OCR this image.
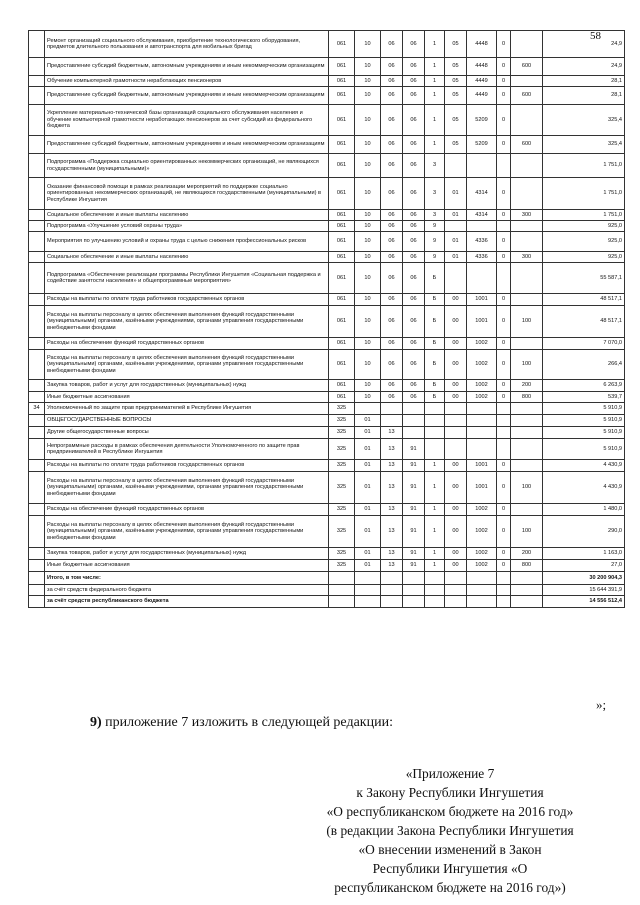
58
	Ремонт организаций социального обслуживания, приобретение технологического оборудования, предметов длительного пользования и автотранспорта для мобильных бригад	061	10	06	06	1	05	4448	0		24,9
	Предоставление субсидий бюджетным, автономным учреждениям и иным некоммерческим организациям	061	10	06	06	1	05	4448	0	600	24,9
	Обучение компьютерной грамотности неработающих пенсионеров	061	10	06	06	1	05	4449	0		28,1
	Предоставление субсидий бюджетным, автономным учреждениям и иным некоммерческим организациям	061	10	06	06	1	05	4449	0	600	28,1
	Укрепление материально-технической базы организаций социального обслуживания населения и обучение компьютерной грамотности неработающих пенсионеров за счет субсидий из федерального бюджета	061	10	06	06	1	05	5209	0		325,4
	Предоставление субсидий бюджетным, автономным учреждениям и иным некоммерческим организациям	061	10	06	06	1	05	5209	0	600	325,4
	Подпрограмма «Поддержка социально ориентированных некоммерческих организаций, не являющихся государственными (муниципальными)»	061	10	06	06	3					1 751,0
	Оказание финансовой помощи в рамках реализации мероприятий по поддержке социально ориентированных некоммерческих организаций, не являющихся государственными (муниципальными) в Республике Ингушетия	061	10	06	06	3	01	4314	0		1 751,0
	Социальное обеспечение и иные выплаты населению	061	10	06	06	3	01	4314	0	300	1 751,0
	Подпрограмма «Улучшение условий охраны труда»	061	10	06	06	9					925,0
	Мероприятия по улучшению условий и охраны труда с целью снижения профессиональных рисков	061	10	06	06	9	01	4336	0		925,0
	Социальное обеспечение и иные выплаты населению	061	10	06	06	9	01	4336	0	300	925,0
	Подпрограмма «Обеспечение реализации программы Республики Ингушетия «Социальная поддержка и содействие занятости населения» и общепрограммные мероприятия»	061	10	06	06	Б					55 587,1
	Расходы на выплаты по оплате труда работников государственных органов	061	10	06	06	Б	00	1001	0		48 517,1
	Расходы на выплаты персоналу в целях обеспечения выполнения функций государственными (муниципальными) органами, казёнными учреждениями, органами управления государственными внебюджетными фондами	061	10	06	06	Б	00	1001	0	100	48 517,1
	Расходы на обеспечение функций государственных органов	061	10	06	06	Б	00	1002	0		7 070,0
	Расходы на выплаты персоналу в целях обеспечения выполнения функций государственными (муниципальными) органами, казёнными учреждениями, органами управления государственными внебюджетными фондами	061	10	06	06	Б	00	1002	0	100	266,4
	Закупка товаров, работ и услуг для государственных (муниципальных) нужд	061	10	06	06	Б	00	1002	0	200	6 263,9
	Иные бюджетные ассигнования	061	10	06	06	Б	00	1002	0	800	539,7
34	Уполномоченный по защите прав предпринимателей в Республике Ингушетия	325									5 910,9
	ОБЩЕГОСУДАРСТВЕННЫЕ ВОПРОСЫ	325	01								5 910,9
	Другие общегосударственные вопросы	325	01	13							5 910,9
	Непрограммные расходы в рамках обеспечения деятельности Уполномоченного по защите прав предпринимателей в Республике Ингушетия	325	01	13	91						5 910,9
	Расходы на выплаты по оплате труда работников государственных органов	325	01	13	91	1	00	1001	0		4 430,9
	Расходы на выплаты персоналу в целях обеспечения выполнения функций государственными (муниципальными) органами, казёнными учреждениями, органами управления государственными внебюджетными фондами	325	01	13	91	1	00	1001	0	100	4 430,9
	Расходы на обеспечение функций государственных органов	325	01	13	91	1	00	1002	0		1 480,0
	Расходы на выплаты персоналу в целях обеспечения выполнения функций государственными (муниципальными) органами, казёнными учреждениями, органами управления государственными внебюджетными фондами	325	01	13	91	1	00	1002	0	100	290,0
	Закупка товаров, работ и услуг для государственных (муниципальных) нужд	325	01	13	91	1	00	1002	0	200	1 163,0
	Иные бюджетные ассигнования	325	01	13	91	1	00	1002	0	800	27,0
	Итого, в том числе:										30 200 904,3
	за счёт средств федерального бюджета										15 644 391,9
	за счёт средств республиканского бюджета										14 556 512,4
»;
9) приложение 7 изложить в следующей редакции:
«Приложение 7
к Закону Республики Ингушетия
«О республиканском бюджете на 2016 год»
(в редакции Закона Республики Ингушетия
«О внесении изменений в Закон
Республики Ингушетия «О
республиканском бюджете на 2016 год»)
